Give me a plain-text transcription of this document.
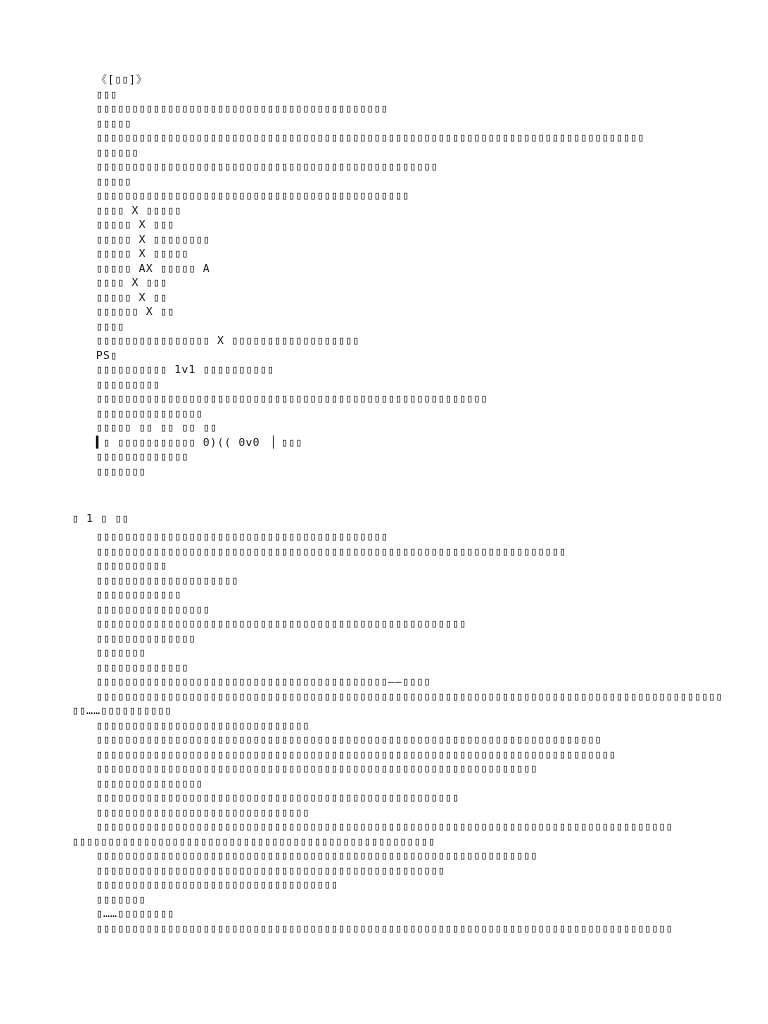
《[▯▯]》
▯▯▯
▯▯▯▯▯▯▯▯▯▯▯▯▯▯▯▯▯▯▯▯▯▯▯▯▯▯▯▯▯▯▯▯▯▯▯▯▯▯▯▯▯
▯▯▯▯▯
▯▯▯▯▯▯▯▯▯▯▯▯▯▯▯▯▯▯▯▯▯▯▯▯▯▯▯▯▯▯▯▯▯▯▯▯▯▯▯▯▯▯▯▯▯▯▯▯▯▯▯▯▯▯▯▯▯▯▯▯▯▯▯▯▯▯▯▯▯▯▯▯▯▯▯▯▯
▯▯▯▯▯▯
▯▯▯▯▯▯▯▯▯▯▯▯▯▯▯▯▯▯▯▯▯▯▯▯▯▯▯▯▯▯▯▯▯▯▯▯▯▯▯▯▯▯▯▯▯▯▯▯
▯▯▯▯▯
▯▯▯▯▯▯▯▯▯▯▯▯▯▯▯▯▯▯▯▯▯▯▯▯▯▯▯▯▯▯▯▯▯▯▯▯▯▯▯▯▯▯▯▯
▯▯▯▯ X ▯▯▯▯▯
▯▯▯▯▯ X ▯▯▯
▯▯▯▯▯ X ▯▯▯▯▯▯▯▯
▯▯▯▯▯ X ▯▯▯▯▯
▯▯▯▯▯ AX ▯▯▯▯▯ A
▯▯▯▯ X ▯▯▯
▯▯▯▯▯ X ▯▯
▯▯▯▯▯▯ X ▯▯
▯▯▯▯
▯▯▯▯▯▯▯▯▯▯▯▯▯▯▯▯ X ▯▯▯▯▯▯▯▯▯▯▯▯▯▯▯▯▯▯
PS▯
▯▯▯▯▯▯▯▯▯▯ 1v1 ▯▯▯▯▯▯▯▯▯▯
▯▯▯▯▯▯▯▯▯
▯▯▯▯▯▯▯▯▯▯▯▯▯▯▯▯▯▯▯▯▯▯▯▯▯▯▯▯▯▯▯▯▯▯▯▯▯▯▯▯▯▯▯▯▯▯▯▯▯▯▯▯▯▯▯
▯▯▯▯▯▯▯▯▯▯▯▯▯▯▯
▯▯▯▯▯ ▯▯ ▯▯ ▯▯ ▯▯
▍▯ ▯▯▯▯▯▯▯▯▯▯▯ 0)(( 0v0 ▕ ▯▯▯
▯▯▯▯▯▯▯▯▯▯▯▯▯
▯▯▯▯▯▯▯
▯ 1 ▯ ▯▯
▯▯▯▯▯▯▯▯▯▯▯▯▯▯▯▯▯▯▯▯▯▯▯▯▯▯▯▯▯▯▯▯▯▯▯▯▯▯▯▯▯
▯▯▯▯▯▯▯▯▯▯▯▯▯▯▯▯▯▯▯▯▯▯▯▯▯▯▯▯▯▯▯▯▯▯▯▯▯▯▯▯▯▯▯▯▯▯▯▯▯▯▯▯▯▯▯▯▯▯▯▯▯▯▯▯▯▯
▯▯▯▯▯▯▯▯▯▯
▯▯▯▯▯▯▯▯▯▯▯▯▯▯▯▯▯▯▯▯
▯▯▯▯▯▯▯▯▯▯▯▯
▯▯▯▯▯▯▯▯▯▯▯▯▯▯▯▯
▯▯▯▯▯▯▯▯▯▯▯▯▯▯▯▯▯▯▯▯▯▯▯▯▯▯▯▯▯▯▯▯▯▯▯▯▯▯▯▯▯▯▯▯▯▯▯▯▯▯▯▯
▯▯▯▯▯▯▯▯▯▯▯▯▯▯
▯▯▯▯▯▯▯
▯▯▯▯▯▯▯▯▯▯▯▯▯
▯▯▯▯▯▯▯▯▯▯▯▯▯▯▯▯▯▯▯▯▯▯▯▯▯▯▯▯▯▯▯▯▯▯▯▯▯▯▯▯▯——▯▯▯▯
▯▯▯▯▯▯▯▯▯▯▯▯▯▯▯▯▯▯▯▯▯▯▯▯▯▯▯▯▯▯▯▯▯▯▯▯▯▯▯▯▯▯▯▯▯▯▯▯▯▯▯▯▯▯▯▯▯▯▯▯▯▯▯▯▯▯▯▯▯▯▯▯▯▯▯▯▯▯▯▯▯▯▯▯▯▯▯▯
▯▯……▯▯▯▯▯▯▯▯▯▯
▯▯▯▯▯▯▯▯▯▯▯▯▯▯▯▯▯▯▯▯▯▯▯▯▯▯▯▯▯▯
▯▯▯▯▯▯▯▯▯▯▯▯▯▯▯▯▯▯▯▯▯▯▯▯▯▯▯▯▯▯▯▯▯▯▯▯▯▯▯▯▯▯▯▯▯▯▯▯▯▯▯▯▯▯▯▯▯▯▯▯▯▯▯▯▯▯▯▯▯▯▯
▯▯▯▯▯▯▯▯▯▯▯▯▯▯▯▯▯▯▯▯▯▯▯▯▯▯▯▯▯▯▯▯▯▯▯▯▯▯▯▯▯▯▯▯▯▯▯▯▯▯▯▯▯▯▯▯▯▯▯▯▯▯▯▯▯▯▯▯▯▯▯▯▯
▯▯▯▯▯▯▯▯▯▯▯▯▯▯▯▯▯▯▯▯▯▯▯▯▯▯▯▯▯▯▯▯▯▯▯▯▯▯▯▯▯▯▯▯▯▯▯▯▯▯▯▯▯▯▯▯▯▯▯▯▯▯
▯▯▯▯▯▯▯▯▯▯▯▯▯▯▯
▯▯▯▯▯▯▯▯▯▯▯▯▯▯▯▯▯▯▯▯▯▯▯▯▯▯▯▯▯▯▯▯▯▯▯▯▯▯▯▯▯▯▯▯▯▯▯▯▯▯▯
▯▯▯▯▯▯▯▯▯▯▯▯▯▯▯▯▯▯▯▯▯▯▯▯▯▯▯▯▯▯
▯▯▯▯▯▯▯▯▯▯▯▯▯▯▯▯▯▯▯▯▯▯▯▯▯▯▯▯▯▯▯▯▯▯▯▯▯▯▯▯▯▯▯▯▯▯▯▯▯▯▯▯▯▯▯▯▯▯▯▯▯▯▯▯▯▯▯▯▯▯▯▯▯▯▯▯▯▯▯▯▯
▯▯▯▯▯▯▯▯▯▯▯▯▯▯▯▯▯▯▯▯▯▯▯▯▯▯▯▯▯▯▯▯▯▯▯▯▯▯▯▯▯▯▯▯▯▯▯▯▯▯▯
▯▯▯▯▯▯▯▯▯▯▯▯▯▯▯▯▯▯▯▯▯▯▯▯▯▯▯▯▯▯▯▯▯▯▯▯▯▯▯▯▯▯▯▯▯▯▯▯▯▯▯▯▯▯▯▯▯▯▯▯▯▯
▯▯▯▯▯▯▯▯▯▯▯▯▯▯▯▯▯▯▯▯▯▯▯▯▯▯▯▯▯▯▯▯▯▯▯▯▯▯▯▯▯▯▯▯▯▯▯▯▯
▯▯▯▯▯▯▯▯▯▯▯▯▯▯▯▯▯▯▯▯▯▯▯▯▯▯▯▯▯▯▯▯▯▯
▯▯▯▯▯▯▯
▯……▯▯▯▯▯▯▯▯
▯▯▯▯▯▯▯▯▯▯▯▯▯▯▯▯▯▯▯▯▯▯▯▯▯▯▯▯▯▯▯▯▯▯▯▯▯▯▯▯▯▯▯▯▯▯▯▯▯▯▯▯▯▯▯▯▯▯▯▯▯▯▯▯▯▯▯▯▯▯▯▯▯▯▯▯▯▯▯▯▯
